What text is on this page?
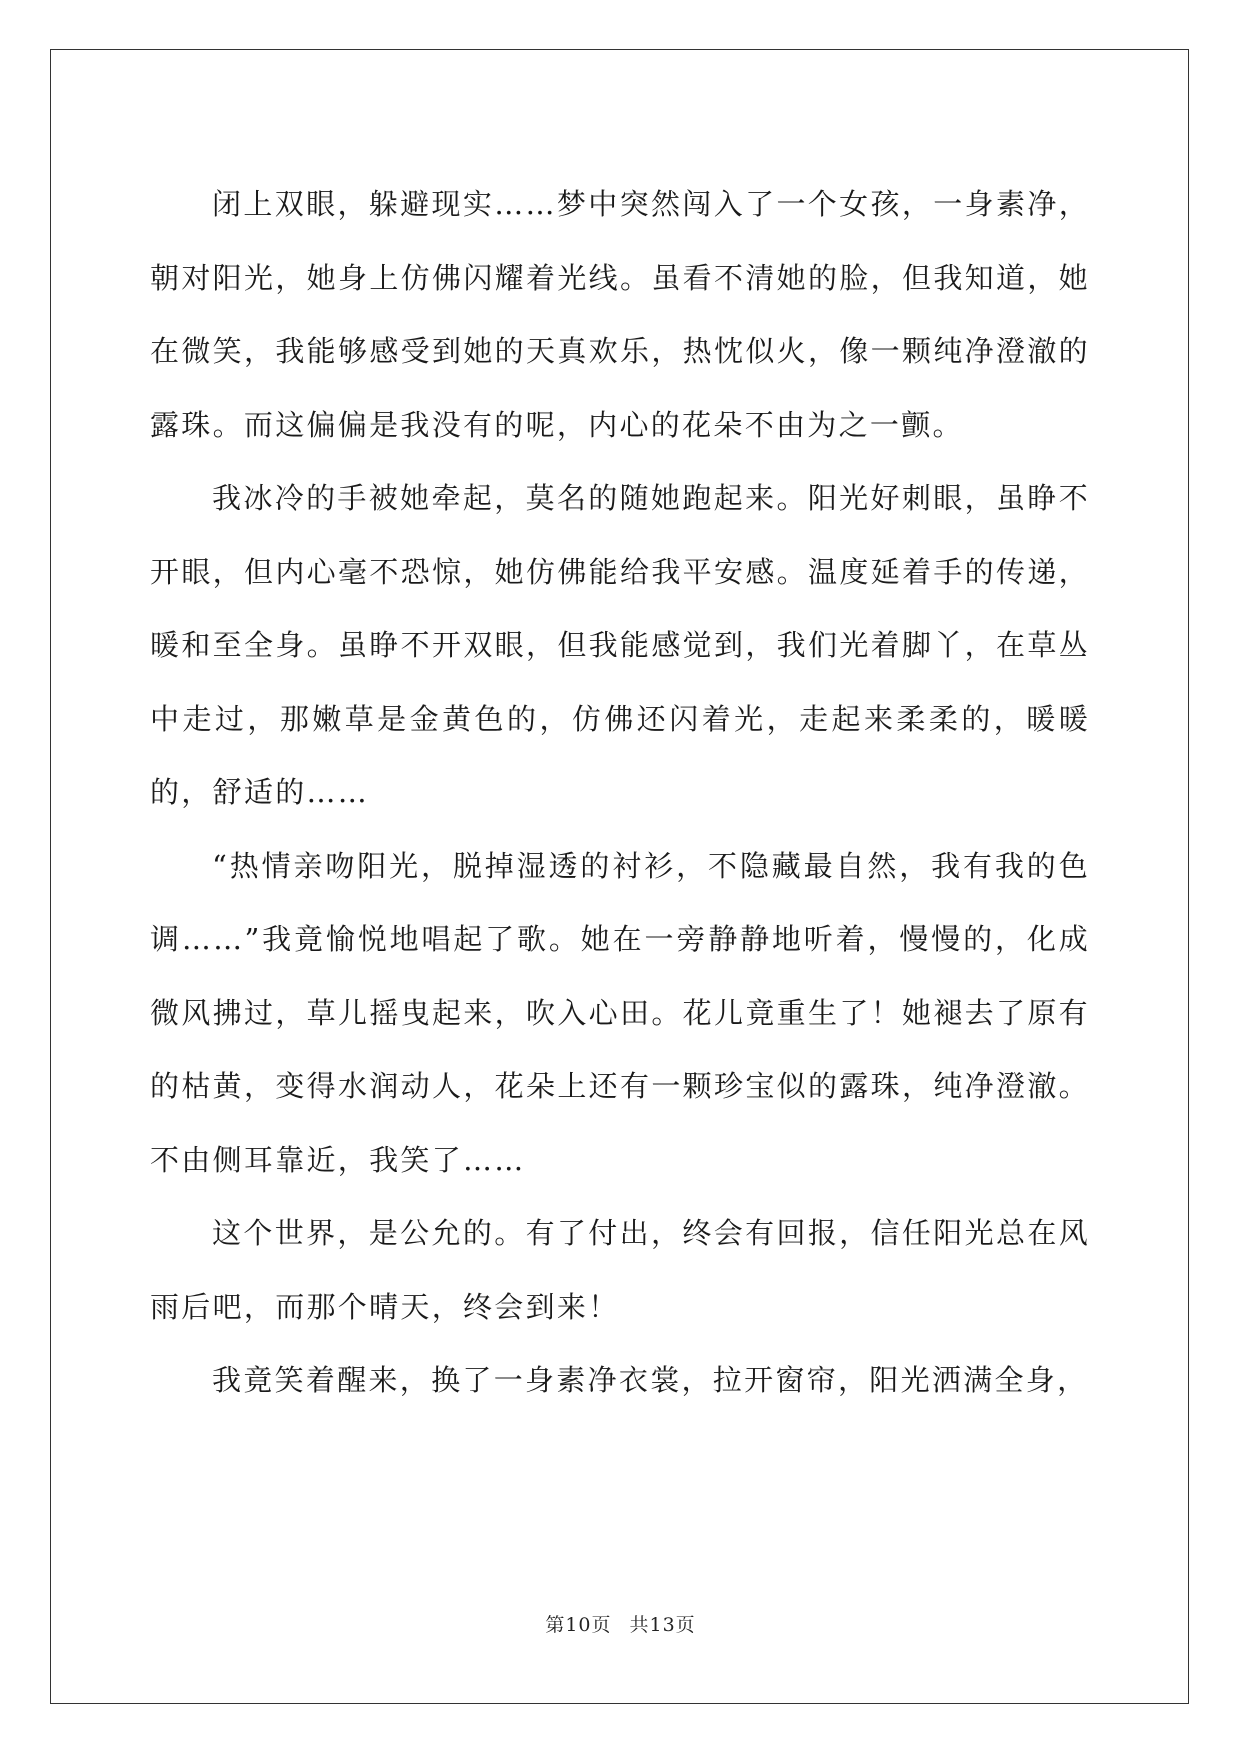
闭上双眼，躲避现实……梦中突然闯入了一个女孩，一身素净，朝对阳光，她身上仿佛闪耀着光线。虽看不清她的脸，但我知道，她在微笑，我能够感受到她的天真欢乐，热忱似火，像一颗纯净澄澈的露珠。而这偏偏是我没有的呢，内心的花朵不由为之一颤。

我冰冷的手被她牵起，莫名的随她跑起来。阳光好刺眼，虽睁不开眼，但内心毫不恐惊，她仿佛能给我平安感。温度延着手的传递，暖和至全身。虽睁不开双眼，但我能感觉到，我们光着脚丫，在草丛中走过，那嫩草是金黄色的，仿佛还闪着光，走起来柔柔的，暖暖的，舒适的……

“热情亲吻阳光，脱掉湿透的衬衫，不隐藏最自然，我有我的色调……”我竟愉悦地唱起了歌。她在一旁静静地听着，慢慢的，化成微风拂过，草儿摇曳起来，吹入心田。花儿竟重生了！她褪去了原有的枯黄，变得水润动人，花朵上还有一颗珍宝似的露珠，纯净澄澈。不由侧耳靠近，我笑了……

这个世界，是公允的。有了付出，终会有回报，信任阳光总在风雨后吧，而那个晴天，终会到来！

我竟笑着醒来，换了一身素净衣裳，拉开窗帘，阳光洒满全身，

第10页 共13页
